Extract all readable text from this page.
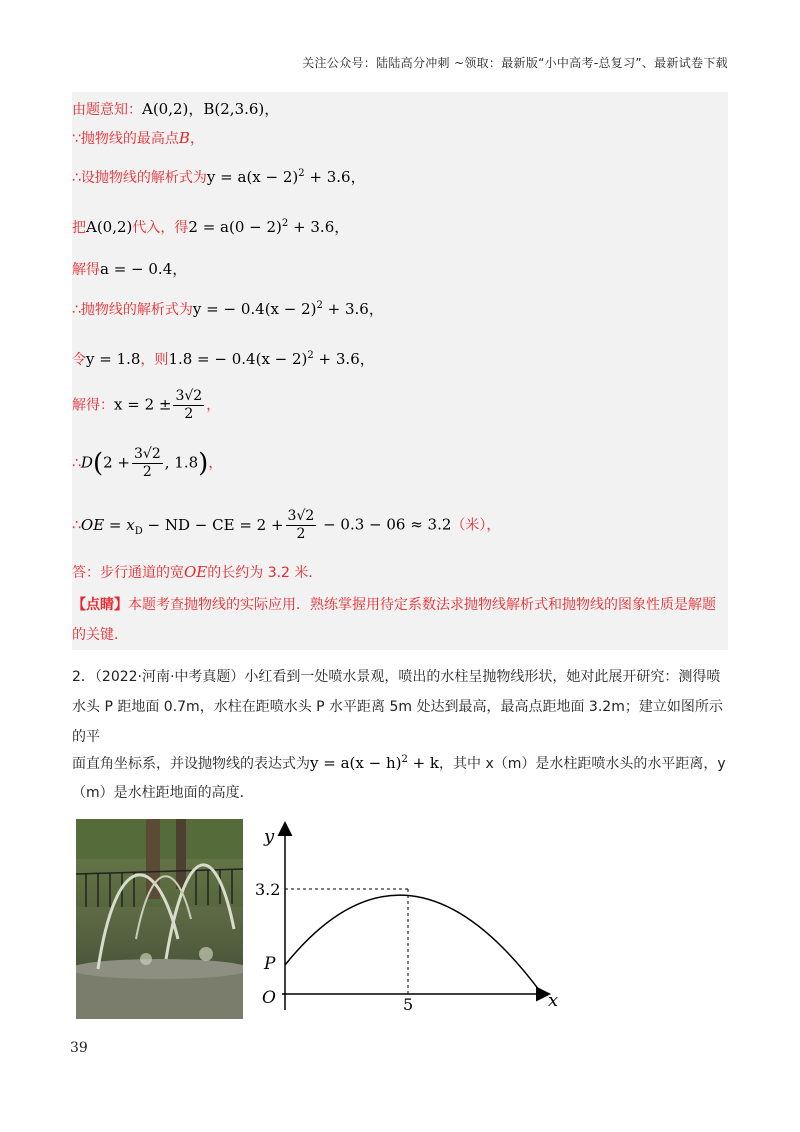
关注公众号：陆陆高分冲刺 ~领取：最新版“小中高考-总复习”、最新试卷下载
由题意知：A(0,2)，B(2,3.6)，
∵抛物线的最高点B，
∴设抛物线的解析式为$y = a(x - 2)^2 + 3.6$，
把A(0,2)代入，得$2 = a(0 - 2)^2 + 3.6$，
解得a = − 0.4，
∴抛物线的解析式为y = − $0.4(x - 2)^2 + 3.6$，
令y = 1.8，则1.8 = − $0.4(x - 2)^2 + 3.6$，
解得：$x = 2 \pm \frac{3√2}{2}$ ，
∴D(2 + $\frac{3√2}{2}$ , 1.8)，
∴OE = $x_D$ − ND − CE = $2 + \frac{3√2}{2} - 0.3 - 06 \approx 3.2$（米），
答：步行通道的宽OE的长约为 3.2 米．
【点睛】本题考查抛物线的实际应用．熟练掌握用待定系数法求抛物线解析式和抛物线的图象性质是解题
的关键．
2．（2022·河南·中考真题）小红看到一处喷水景观，喷出的水柱呈抛物线形状，她对此展开研究：测得喷
水头 P 距地面 0.7m，水柱在距喷水头 P 水平距离 5m 处达到最高，最高点距地面 3.2m；建立如图所示的平
面直角坐标系，并设抛物线的表达式为$y = a(x - h)^2 + k$，其中 x（m）是水柱距喷水头的水平距离，y
（m）是水柱距地面的高度．
y
x
O
P
3.2
5
39
